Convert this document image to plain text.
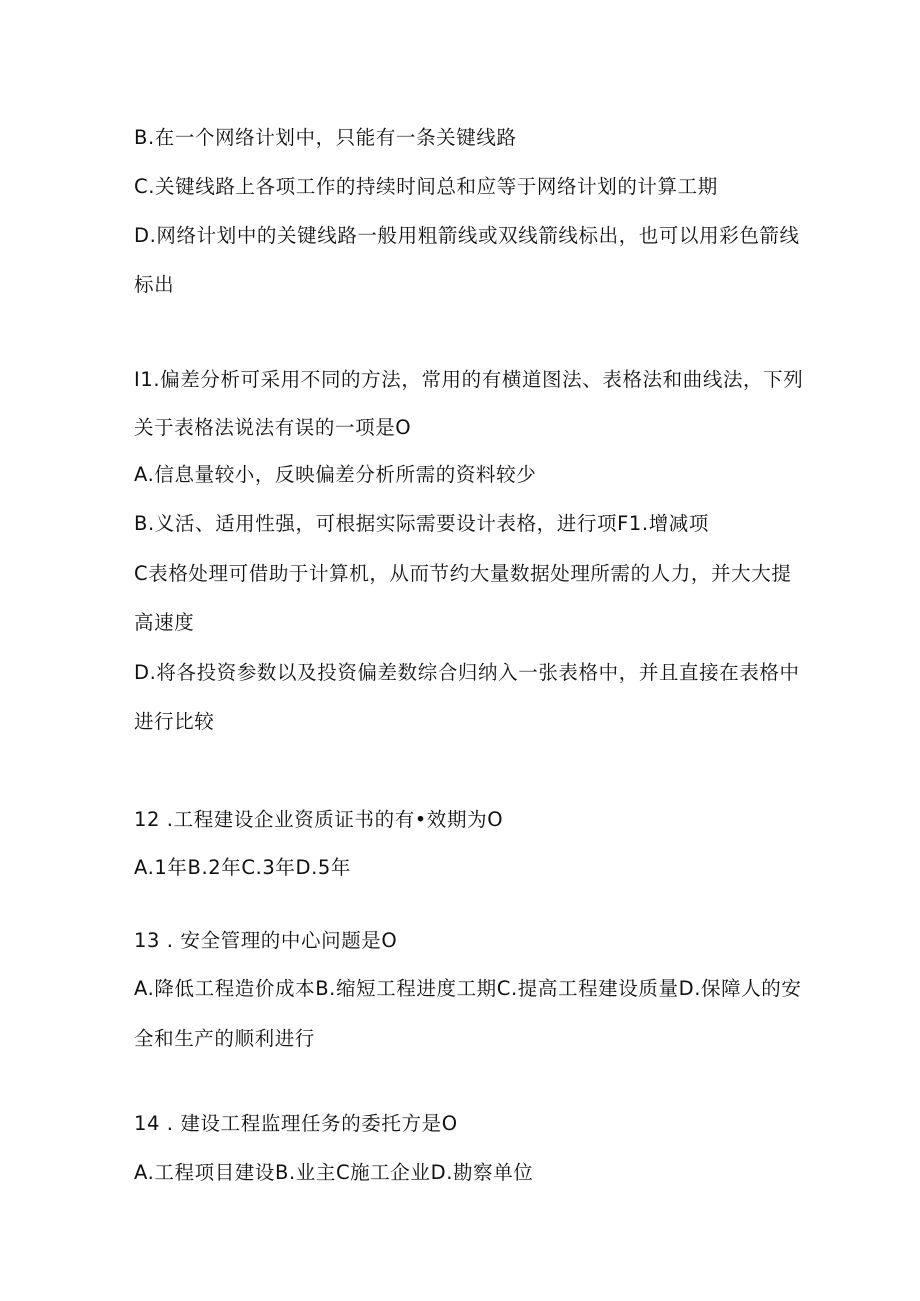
B.在一个网络计划中，只能有一条关键线路
C.关键线路上各项工作的持续时间总和应等于网络计划的计算工期
D.网络计划中的关键线路一般用粗箭线或双线箭线标出，也可以用彩色箭线
标出
I1.偏差分析可采用不同的方法，常用的有横道图法、表格法和曲线法，下列
关于表格法说法有误的一项是O
A.信息量较小，反映偏差分析所需的资料较少
B.义活、适用性强，可根据实际需要设计表格，进行项F1.增减项
C表格处理可借助于计算机，从而节约大量数据处理所需的人力，并大大提
高速度
D.将各投资参数以及投资偏差数综合归纳入一张表格中，并且直接在表格中
进行比较
12 .工程建设企业资质证书的有•效期为O
A.1年B.2年C.3年D.5年
13 . 安全管理的中心问题是O
A.降低工程造价成本B.缩短工程进度工期C.提高工程建设质量D.保障人的安
全和生产的顺利进行
14 . 建设工程监理任务的委托方是O
A.工程项目建设B.业主C施工企业D.勘察单位
